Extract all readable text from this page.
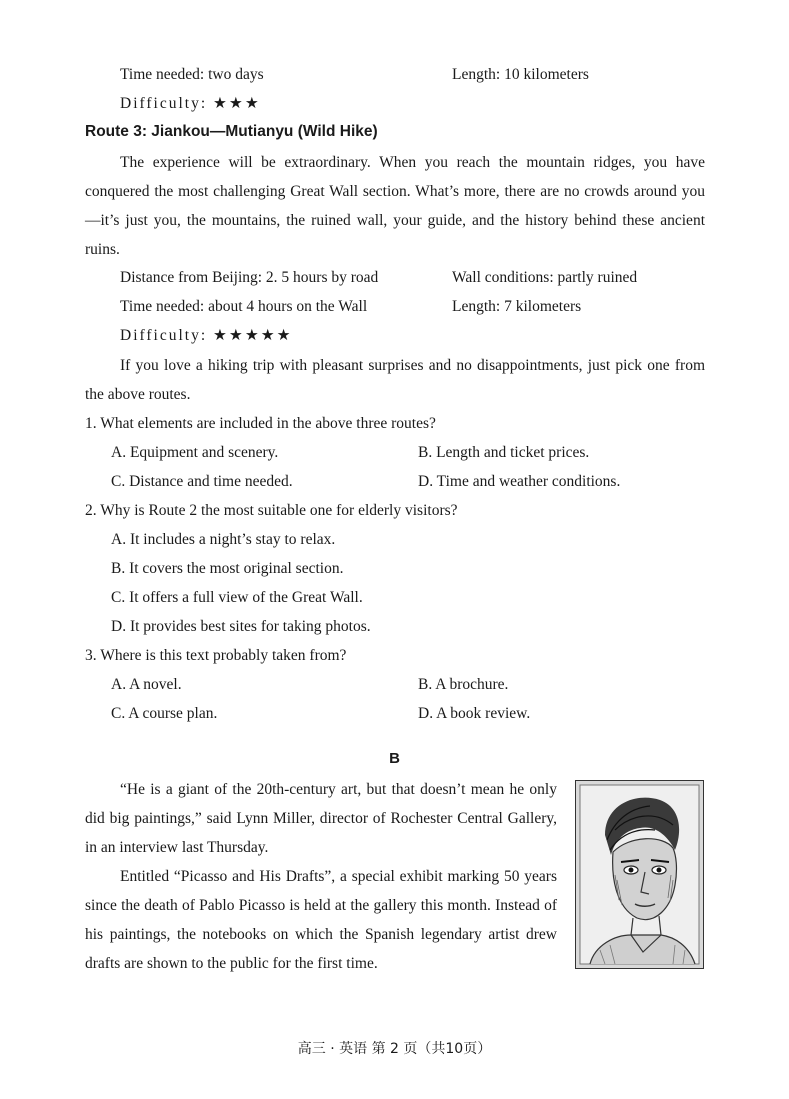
Time needed: two days	Length: 10 kilometers
Difficulty: ★★★
Route 3: Jiankou—Mutianyu (Wild Hike)

The experience will be extraordinary. When you reach the mountain ridges, you have conquered the most challenging Great Wall section. What’s more, there are no crowds around you—it’s just you, the mountains, the ruined wall, your guide, and the history behind these ancient ruins.

Distance from Beijing: 2. 5 hours by road	Wall conditions: partly ruined
Time needed: about 4 hours on the Wall	Length: 7 kilometers
Difficulty: ★★★★★

If you love a hiking trip with pleasant surprises and no disappointments, just pick one from the above routes.

1. What elements are included in the above three routes?
A. Equipment and scenery.	B. Length and ticket prices.
C. Distance and time needed.	D. Time and weather conditions.
2. Why is Route 2 the most suitable one for elderly visitors?
A. It includes a night’s stay to relax.
B. It covers the most original section.
C. It offers a full view of the Great Wall.
D. It provides best sites for taking photos.
3. Where is this text probably taken from?
A. A novel.	B. A brochure.
C. A course plan.	D. A book review.
B

“He is a giant of the 20th-century art, but that doesn’t mean he only did big paintings,” said Lynn Miller, director of Rochester Central Gallery, in an interview last Thursday.

Entitled “Picasso and His Drafts”, a special exhibit marking 50 years since the death of Pablo Picasso is held at the gallery this month. Instead of his paintings, the notebooks on which the Spanish legendary artist drew drafts are shown to the public for the first time.

高三 · 英语 第 2 页（共10页）
